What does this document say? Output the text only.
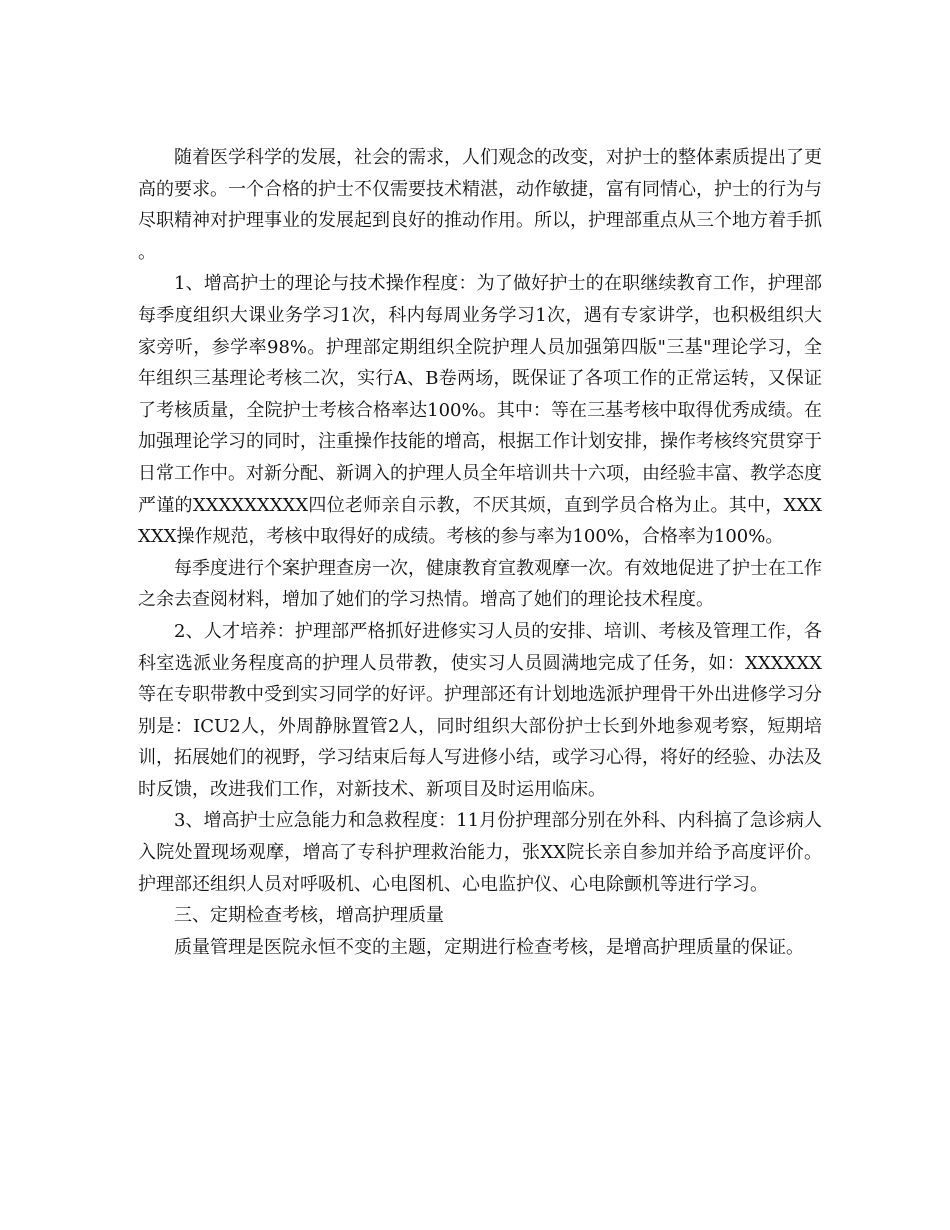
随着医学科学的发展，社会的需求，人们观念的改变，对护士的整体素质提出了更高的要求。一个合格的护士不仅需要技术精湛，动作敏捷，富有同情心，护士的行为与尽职精神对护理事业的发展起到良好的推动作用。所以，护理部重点从三个地方着手抓。

1、增高护士的理论与技术操作程度：为了做好护士的在职继续教育工作，护理部每季度组织大课业务学习1次，科内每周业务学习1次，遇有专家讲学，也积极组织大家旁听，参学率98%。护理部定期组织全院护理人员加强第四版"三基"理论学习，全年组织三基理论考核二次，实行A、B卷两场，既保证了各项工作的正常运转，又保证了考核质量，全院护士考核合格率达100%。其中：等在三基考核中取得优秀成绩。在加强理论学习的同时，注重操作技能的增高，根据工作计划安排，操作考核终究贯穿于日常工作中。对新分配、新调入的护理人员全年培训共十六项，由经验丰富、教学态度严谨的XXXXXXXXX四位老师亲自示教，不厌其烦，直到学员合格为止。其中，XXXXXX操作规范，考核中取得好的成绩。考核的参与率为100%，合格率为100%。

每季度进行个案护理查房一次，健康教育宣教观摩一次。有效地促进了护士在工作之余去查阅材料，增加了她们的学习热情。增高了她们的理论技术程度。

2、人才培养：护理部严格抓好进修实习人员的安排、培训、考核及管理工作，各科室选派业务程度高的护理人员带教，使实习人员圆满地完成了任务，如：XXXXXX等在专职带教中受到实习同学的好评。护理部还有计划地选派护理骨干外出进修学习分别是：ICU2人，外周静脉置管2人，同时组织大部份护士长到外地参观考察，短期培训，拓展她们的视野，学习结束后每人写进修小结，或学习心得，将好的经验、办法及时反馈，改进我们工作，对新技术、新项目及时运用临床。

3、增高护士应急能力和急救程度：11月份护理部分别在外科、内科搞了急诊病人入院处置现场观摩，增高了专科护理救治能力，张XX院长亲自参加并给予高度评价。护理部还组织人员对呼吸机、心电图机、心电监护仪、心电除颤机等进行学习。

三、定期检查考核，增高护理质量

质量管理是医院永恒不变的主题，定期进行检查考核，是增高护理质量的保证。
